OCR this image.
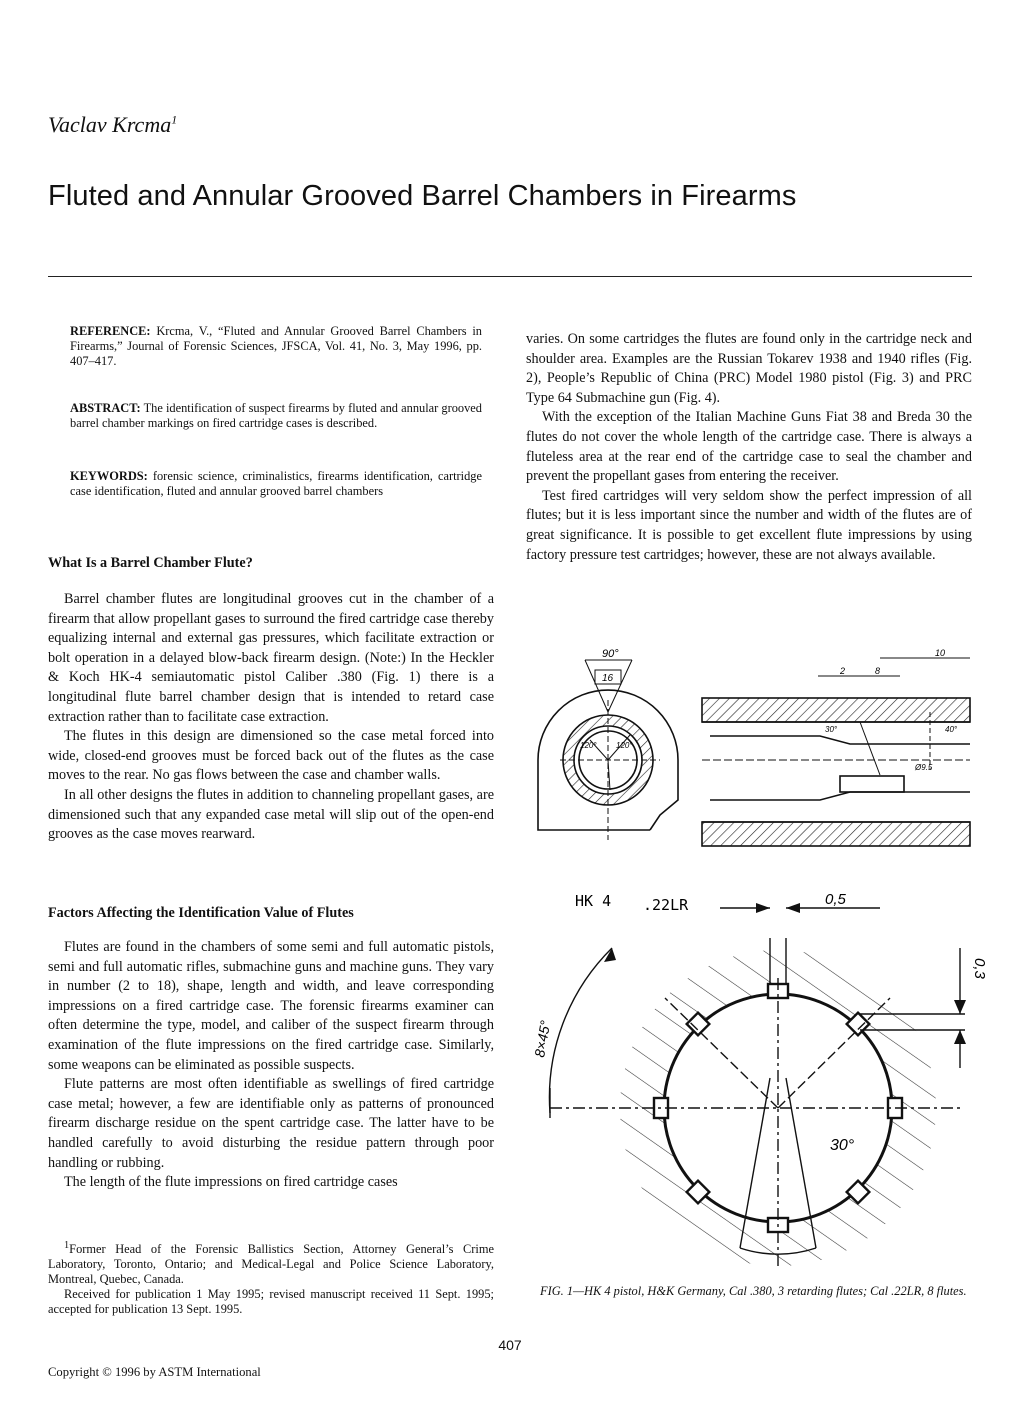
Vaclav Krcma$^1$
Fluted and Annular Grooved Barrel Chambers in Firearms

REFERENCE: Krcma, V., “Fluted and Annular Grooved Barrel Chambers in Firearms,” Journal of Forensic Sciences, JFSCA, Vol. 41, No. 3, May 1996, pp. 407–417.

ABSTRACT: The identification of suspect firearms by fluted and annular grooved barrel chamber markings on fired cartridge cases is described.

KEYWORDS: forensic science, criminalistics, firearms identification, cartridge case identification, fluted and annular grooved barrel chambers

What Is a Barrel Chamber Flute?

Barrel chamber flutes are longitudinal grooves cut in the chamber of a firearm that allow propellant gases to surround the fired cartridge case thereby equalizing internal and external gas pressures, which facilitate extraction or bolt operation in a delayed blow-back firearm design. (Note:) In the Heckler & Koch HK-4 semiautomatic pistol Caliber .380 (Fig. 1) there is a longitudinal flute barrel chamber design that is intended to retard case extraction rather than to facilitate case extraction.

The flutes in this design are dimensioned so the case metal forced into wide, closed-end grooves must be forced back out of the flutes as the case moves to the rear. No gas flows between the case and chamber walls.

In all other designs the flutes in addition to channeling propellant gases, are dimensioned such that any expanded case metal will slip out of the open-end grooves as the case moves rearward.

Factors Affecting the Identification Value of Flutes

Flutes are found in the chambers of some semi and full automatic pistols, semi and full automatic rifles, submachine guns and machine guns. They vary in number (2 to 18), shape, length and width, and leave corresponding impressions on a fired cartridge case. The forensic firearms examiner can often determine the type, model, and caliber of the suspect firearm through examination of the flute impressions on the fired cartridge case. Similarly, some weapons can be eliminated as possible suspects.

Flute patterns are most often identifiable as swellings of fired cartridge case metal; however, a few are identifiable only as patterns of pronounced firearm discharge residue on the spent cartridge case. The latter have to be handled carefully to avoid disturbing the residue pattern through poor handling or rubbing.

The length of the flute impressions on fired cartridge cases

$^1$Former Head of the Forensic Ballistics Section, Attorney General’s Crime Laboratory, Toronto, Ontario; and Medical-Legal and Police Science Laboratory, Montreal, Quebec, Canada.

Received for publication 1 May 1995; revised manuscript received 11 Sept. 1995; accepted for publication 13 Sept. 1995.

varies. On some cartridges the flutes are found only in the cartridge neck and shoulder area. Examples are the Russian Tokarev 1938 and 1940 rifles (Fig. 2), People’s Republic of China (PRC) Model 1980 pistol (Fig. 3) and PRC Type 64 Submachine gun (Fig. 4).

With the exception of the Italian Machine Guns Fiat 38 and Breda 30 the flutes do not cover the whole length of the cartridge case. There is always a fluteless area at the rear end of the cartridge case to seal the chamber and prevent the propellant gases from entering the receiver.

Test fired cartridges will very seldom show the perfect impression of all flutes; but it is less important since the number and width of the flutes are of great significance. It is possible to get excellent flute impressions by using factory pressure test cartridges; however, these are not always available.

90°
16
120° 120°
10
2	8
30°	40°
Ø9.5
HK 4 .22LR	0,5
0,3
8×45°
30°
FIG. 1—HK 4 pistol, H&K Germany, Cal .380, 3 retarding flutes; Cal .22LR, 8 flutes.
407
Copyright © 1996 by ASTM International
